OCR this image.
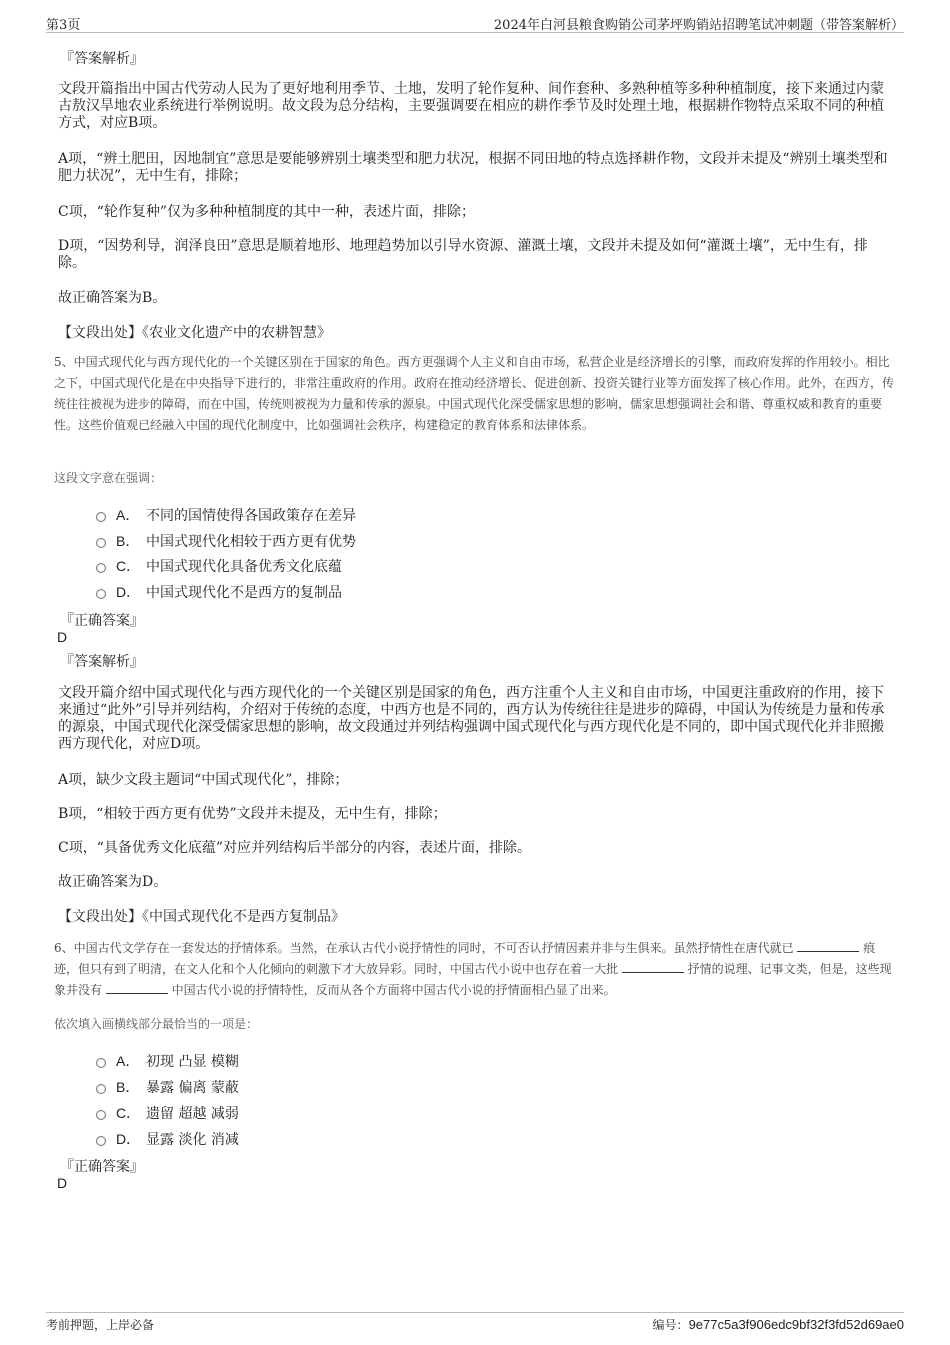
第3页	2024年白河县粮食购销公司茅坪购销站招聘笔试冲刺题（带答案解析）
『答案解析』
文段开篇指出中国古代劳动人民为了更好地利用季节、土地，发明了轮作复种、间作套种、多熟种植等多种种植制度，接下来通过内蒙古敖汉旱地农业系统进行举例说明。故文段为总分结构，主要强调要在相应的耕作季节及时处理土地，根据耕作物特点采取不同的种植方式，对应B项。
A项，“辨土肥田，因地制宜”意思是要能够辨别土壤类型和肥力状况，根据不同田地的特点选择耕作物，文段并未提及“辨别土壤类型和肥力状况”，无中生有，排除；
C项，“轮作复种”仅为多种种植制度的其中一种，表述片面，排除；
D项，“因势利导，润泽良田”意思是顺着地形、地理趋势加以引导水资源、灌溉土壤，文段并未提及如何“灌溉土壤”，无中生有，排除。
故正确答案为B。
【文段出处】《农业文化遗产中的农耕智慧》
5、中国式现代化与西方现代化的一个关键区别在于国家的角色。西方更强调个人主义和自由市场，私营企业是经济增长的引擎，而政府发挥的作用较小。相比之下，中国式现代化是在中央指导下进行的，非常注重政府的作用。政府在推动经济增长、促进创新、投资关键行业等方面发挥了核心作用。此外，在西方，传统往往被视为进步的障碍，而在中国，传统则被视为力量和传承的源泉。中国式现代化深受儒家思想的影响，儒家思想强调社会和谐、尊重权威和教育的重要性。这些价值观已经融入中国的现代化制度中，比如强调社会秩序，构建稳定的教育体系和法律体系。
这段文字意在强调：
A． 不同的国情使得各国政策存在差异
B． 中国式现代化相较于西方更有优势
C． 中国式现代化具备优秀文化底蕴
D． 中国式现代化不是西方的复制品
『正确答案』
D
『答案解析』
文段开篇介绍中国式现代化与西方现代化的一个关键区别是国家的角色，西方注重个人主义和自由市场，中国更注重政府的作用，接下来通过“此外”引导并列结构，介绍对于传统的态度，中西方也是不同的，西方认为传统往往是进步的障碍，中国认为传统是力量和传承的源泉，中国式现代化深受儒家思想的影响，故文段通过并列结构强调中国式现代化与西方现代化是不同的，即中国式现代化并非照搬西方现代化，对应D项。
A项，缺少文段主题词“中国式现代化”，排除；
B项，“相较于西方更有优势”文段并未提及，无中生有，排除；
C项，“具备优秀文化底蕴”对应并列结构后半部分的内容，表述片面，排除。
故正确答案为D。
【文段出处】《中国式现代化不是西方复制品》
6、中国古代文学存在一套发达的抒情体系。当然，在承认古代小说抒情性的同时，不可否认抒情因素并非与生俱来。虽然抒情性在唐代就已	痕迹，但只有到了明清，在文人化和个人化倾向的刺激下才大放异彩。同时，中国古代小说中也存在着一大批	抒情的说理、记事文类，但是，这些现象并没有	中国古代小说的抒情特性，反而从各个方面将中国古代小说的抒情面相凸显了出来。
依次填入画横线部分最恰当的一项是：
A． 初现 凸显 模糊
B． 暴露 偏离 蒙蔽
C． 遗留 超越 减弱
D． 显露 淡化 消减
『正确答案』
D
考前押题，上岸必备	编号：9e77c5a3f906edc9bf32f3fd52d69ae0
